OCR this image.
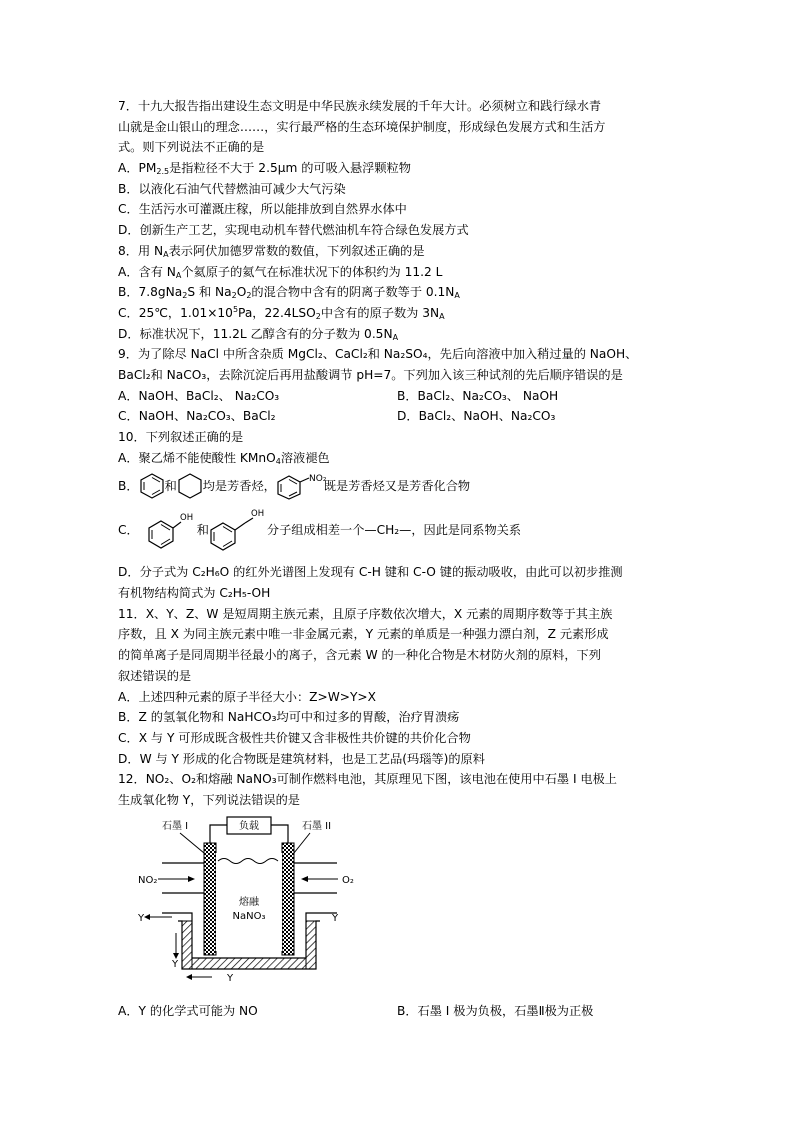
7．十九大报告指出建设生态文明是中华民族永续发展的千年大计。必须树立和践行绿水青
山就是金山银山的理念……，实行最严格的生态环境保护制度，形成绿色发展方式和生活方
式。则下列说法不正确的是
A．$PM_{2.5}$是指粒径不大于 2.5μm 的可吸入悬浮颗粒物
B．以液化石油气代替燃油可减少大气污染
C．生活污水可灌溉庄稼，所以能排放到自然界水体中
D．创新生产工艺，实现电动机车替代燃油机车符合绿色发展方式
8．用 $N_A$表示阿伏加德罗常数的数值，下列叙述正确的是
A．含有 $N_A$个氦原子的氦气在标准状况下的体积约为 11.2 L
B．7.8gNa$_2$S 和 $Na_2O_2$的混合物中含有的阴离子数等于 $0.1N_A$
C．25℃，$1.01\times 10^5Pa$，$22.4LSO_2$中含有的原子数为 $3N_A$
D．标准状况下，11.2L 乙醇含有的分子数为 $0.5N_A$
9．为了除尽 NaCl 中所含杂质 MgCl₂、CaCl₂和 Na₂SO₄，先后向溶液中加入稍过量的 NaOH、
BaCl₂和 NaCO₃，去除沉淀后再用盐酸调节 pH=7。下列加入该三种试剂的先后顺序错误的是
A．NaOH、BaCl₂、 Na₂CO₃	B．BaCl₂、Na₂CO₃、 NaOH
C．NaOH、Na₂CO₃、BaCl₂	D．BaCl₂、NaOH、Na₂CO₃
10．下列叙述正确的是
A．聚乙烯不能使酸性 KMnO$_4$溶液褪色
B． 和 均是芳香烃，	NO₂
既是芳香烃又是芳香化合物
C．
OH
和
OH
分子组成相差一个—CH₂—，因此是同系物关系
D．分子式为 C₂H₆O 的红外光谱图上发现有 C-H 键和 C-O 键的振动吸收，由此可以初步推测
有机物结构简式为 C₂H₅-OH
11．X、Y、Z、W 是短周期主族元素，且原子序数依次增大，X 元素的周期序数等于其主族
序数，且 X 为同主族元素中唯一非金属元素，Y 元素的单质是一种强力漂白剂，Z 元素形成
的简单离子是同周期半径最小的离子，含元素 W 的一种化合物是木材防火剂的原料，下列
叙述错误的是
A．上述四种元素的原子半径大小：Z>W>Y>X
B．Z 的氢氧化物和 NaHCO₃均可中和过多的胃酸，治疗胃溃疡
C．X 与 Y 可形成既含极性共价键又含非极性共价键的共价化合物
D．W 与 Y 形成的化合物既是建筑材料，也是工艺品(玛瑙等)的原料
12．NO₂、O₂和熔融 NaNO₃可制作燃料电池，其原理见下图，该电池在使用中石墨 I 电极上
生成氧化物 Y，下列说法错误的是
负载
石墨 I	石墨 II
熔融
NaNO₃
NO₂	O₂
Y	Y
Y
Y
A．Y 的化学式可能为 NO	B．石墨 I 极为负极，石墨Ⅱ极为正极
